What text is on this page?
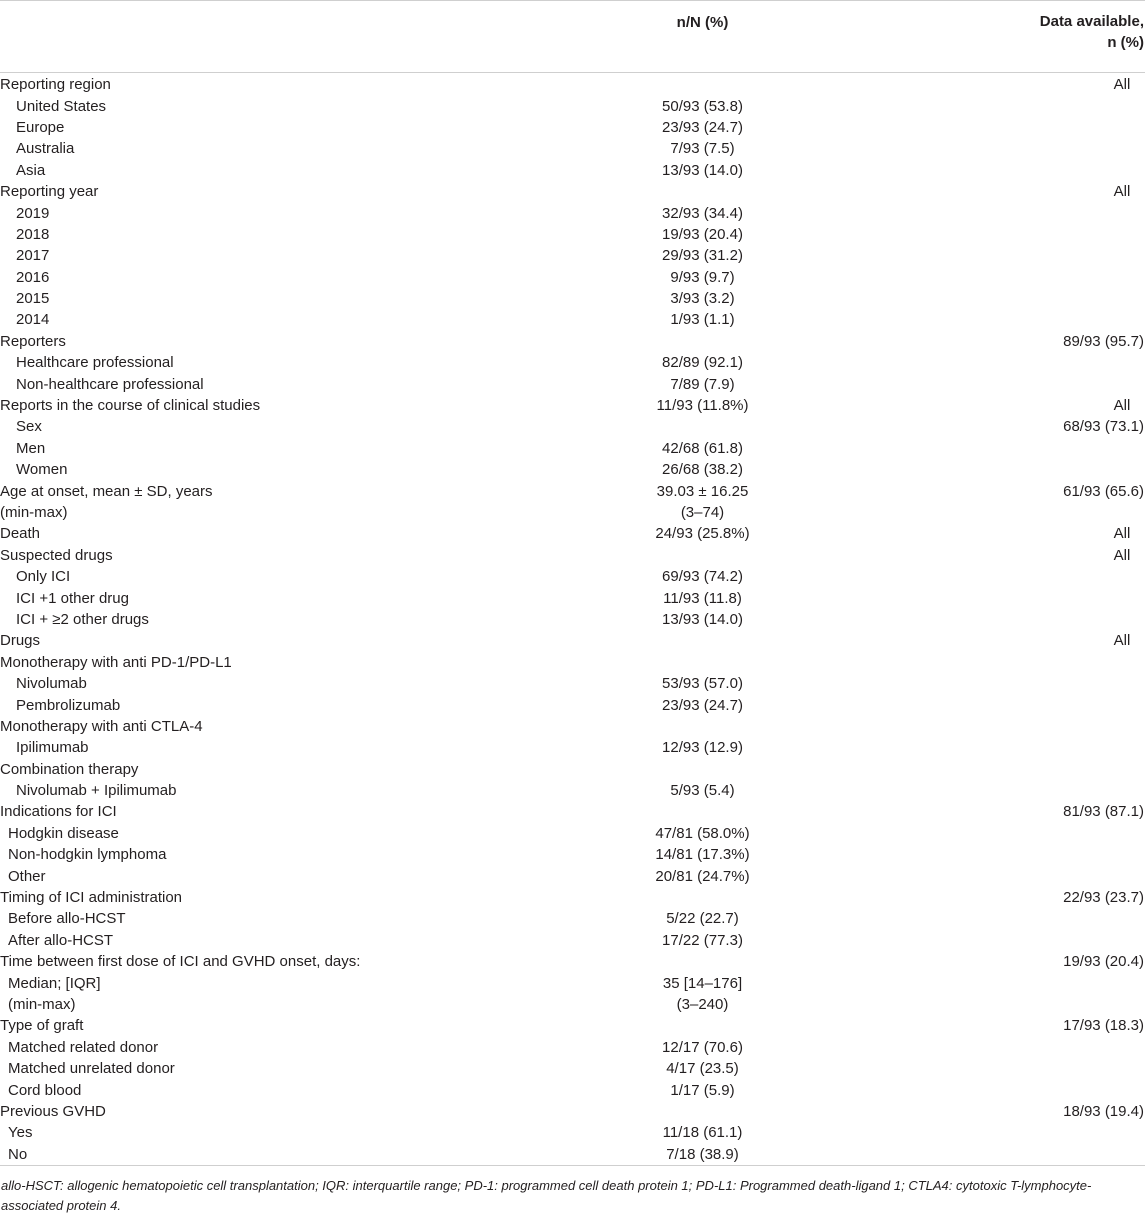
	n/N (%)	Data available,
n (%)

Reporting region		All
United States	50/93 (53.8)	
Europe	23/93 (24.7)	
Australia	7/93 (7.5)	
Asia	13/93 (14.0)	
Reporting year		All
2019	32/93 (34.4)	
2018	19/93 (20.4)	
2017	29/93 (31.2)	
2016	9/93 (9.7)	
2015	3/93 (3.2)	
2014	1/93 (1.1)	
Reporters		89/93 (95.7)
Healthcare professional	82/89 (92.1)	
Non-healthcare professional	7/89 (7.9)	
Reports in the course of clinical studies	11/93 (11.8%)	All
Sex		68/93 (73.1)
Men	42/68 (61.8)	
Women	26/68 (38.2)	
Age at onset, mean ± SD, years	39.03 ± 16.25	61/93 (65.6)
(min-max)	(3–74)	
Death	24/93 (25.8%)	All
Suspected drugs		All
Only ICI	69/93 (74.2)	
ICI +1 other drug	11/93 (11.8)	
ICI + ≥2 other drugs	13/93 (14.0)	
Drugs		All
Monotherapy with anti PD-1/PD-L1		
Nivolumab	53/93 (57.0)	
Pembrolizumab	23/93 (24.7)	
Monotherapy with anti CTLA-4		
Ipilimumab	12/93 (12.9)	
Combination therapy		
Nivolumab + Ipilimumab	5/93 (5.4)	
Indications for ICI		81/93 (87.1)
Hodgkin disease	47/81 (58.0%)	
Non-hodgkin lymphoma	14/81 (17.3%)	
Other	20/81 (24.7%)	
Timing of ICI administration		22/93 (23.7)
Before allo-HCST	5/22 (22.7)	
After allo-HCST	17/22 (77.3)	
Time between first dose of ICI and GVHD onset, days:		19/93 (20.4)
Median; [IQR]	35 [14–176]	
(min-max)	(3–240)	
Type of graft		17/93 (18.3)
Matched related donor	12/17 (70.6)	
Matched unrelated donor	4/17 (23.5)	
Cord blood	1/17 (5.9)	
Previous GVHD		18/93 (19.4)
Yes	11/18 (61.1)	
No	7/18 (38.9)	
allo-HSCT: allogenic hematopoietic cell transplantation; IQR: interquartile range; PD-1: programmed cell death protein 1; PD-L1: Programmed death-ligand 1; CTLA4: cytotoxic T-lymphocyte-associated protein 4.		
